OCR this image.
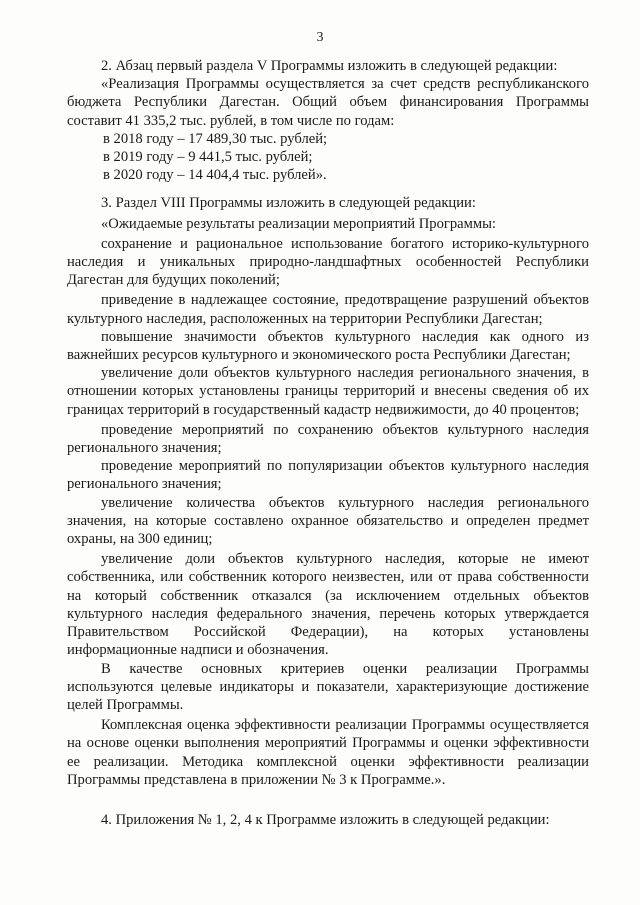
3

2. Абзац первый раздела V Программы изложить в следующей редакции:

«Реализация Программы осуществляется за счет средств республиканского бюджета Республики Дагестан. Общий объем финансирования Программы составит 41 335,2 тыс. рублей, в том числе по годам:

в 2018 году – 17 489,30 тыс. рублей;

в 2019 году – 9 441,5 тыс. рублей;

в 2020 году – 14 404,4 тыс. рублей».

3. Раздел VIII Программы изложить в следующей редакции:

«Ожидаемые результаты реализации мероприятий Программы:

сохранение и рациональное использование богатого историко-культурного наследия и уникальных природно-ландшафтных особенностей Республики Дагестан для будущих поколений;

приведение в надлежащее состояние, предотвращение разрушений объектов культурного наследия, расположенных на территории Республики Дагестан;

повышение значимости объектов культурного наследия как одного из важнейших ресурсов культурного и экономического роста Республики Дагестан;

увеличение доли объектов культурного наследия регионального значения, в отношении которых установлены границы территорий и внесены сведения об их границах территорий в государственный кадастр недвижимости, до 40 процентов;

проведение мероприятий по сохранению объектов культурного наследия регионального значения;

проведение мероприятий по популяризации объектов культурного наследия регионального значения;

увеличение количества объектов культурного наследия регионального значения, на которые составлено охранное обязательство и определен предмет охраны, на 300 единиц;

увеличение доли объектов культурного наследия, которые не имеют собственника, или собственник которого неизвестен, или от права собственности на который собственник отказался (за исключением отдельных объектов культурного наследия федерального значения, перечень которых утверждается Правительством Российской Федерации), на которых установлены информационные надписи и обозначения.

В качестве основных критериев оценки реализации Программы используются целевые индикаторы и показатели, характеризующие достижение целей Программы.

Комплексная оценка эффективности реализации Программы осуществляется на основе оценки выполнения мероприятий Программы и оценки эффективности ее реализации. Методика комплексной оценки эффективности реализации Программы представлена в приложении № 3 к Программе.».

4. Приложения № 1, 2, 4 к Программе изложить в следующей редакции:
